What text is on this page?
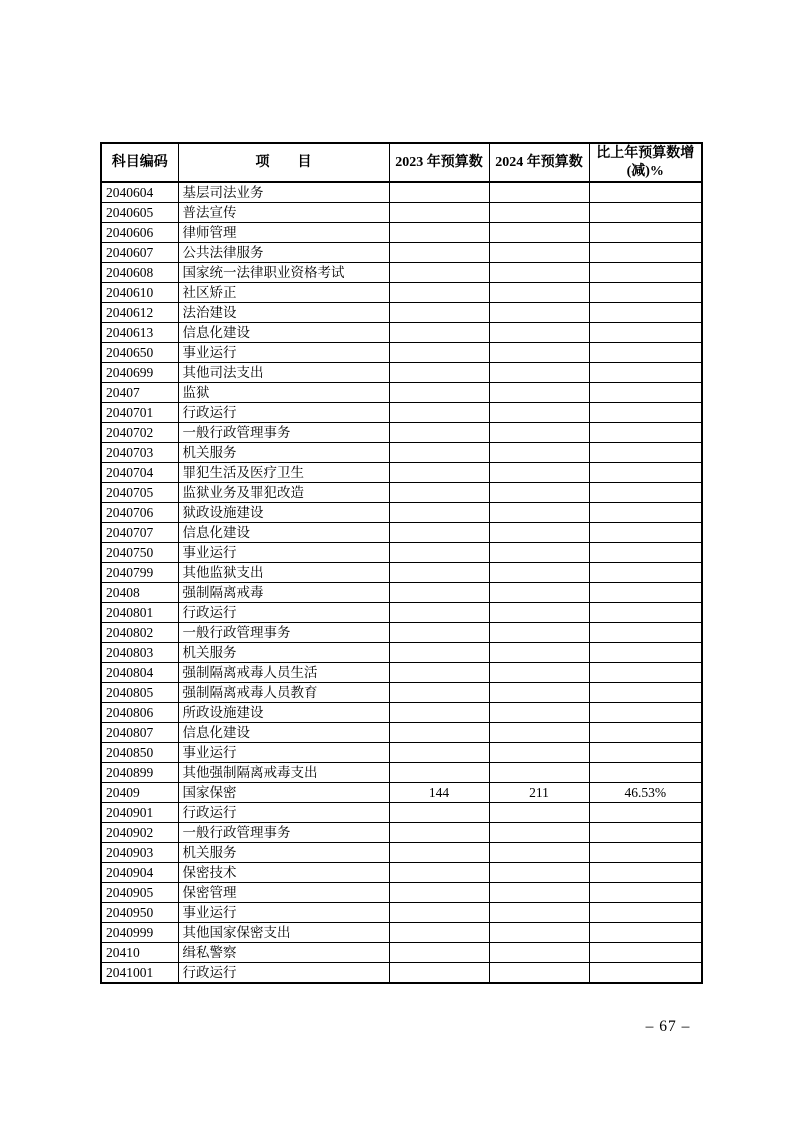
科目编码	项　　目	2023 年预算数	2024 年预算数	比上年预算数增(减)%
2040604	基层司法业务			
2040605	普法宣传			
2040606	律师管理			
2040607	公共法律服务			
2040608	国家统一法律职业资格考试			
2040610	社区矫正			
2040612	法治建设			
2040613	信息化建设			
2040650	事业运行			
2040699	其他司法支出			
20407	监狱			
2040701	行政运行			
2040702	一般行政管理事务			
2040703	机关服务			
2040704	罪犯生活及医疗卫生			
2040705	监狱业务及罪犯改造			
2040706	狱政设施建设			
2040707	信息化建设			
2040750	事业运行			
2040799	其他监狱支出			
20408	强制隔离戒毒			
2040801	行政运行			
2040802	一般行政管理事务			
2040803	机关服务			
2040804	强制隔离戒毒人员生活			
2040805	强制隔离戒毒人员教育			
2040806	所政设施建设			
2040807	信息化建设			
2040850	事业运行			
2040899	其他强制隔离戒毒支出			
20409	国家保密	144	211	46.53%
2040901	行政运行			
2040902	一般行政管理事务			
2040903	机关服务			
2040904	保密技术			
2040905	保密管理			
2040950	事业运行			
2040999	其他国家保密支出			
20410	缉私警察			
2041001	行政运行			
– 67 –
